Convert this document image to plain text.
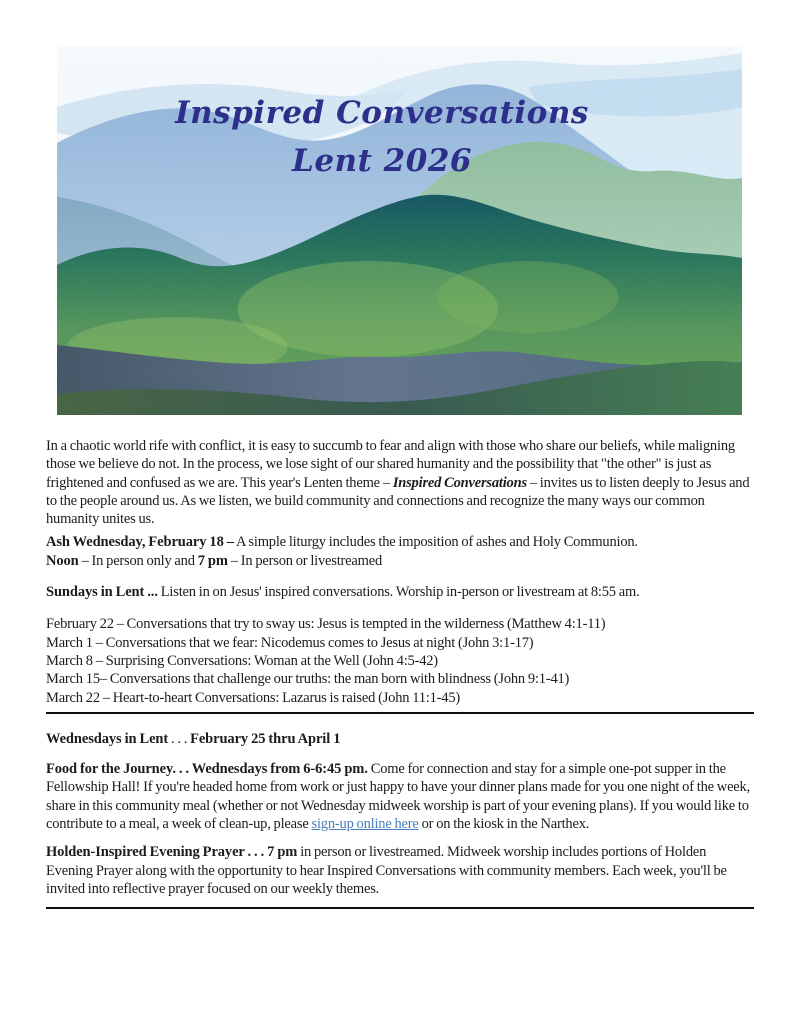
Inspired Conversations
Lent 2026

In a chaotic world rife with conflict, it is easy to succumb to fear and align with those who share our beliefs, while maligning those we believe do not. In the process, we lose sight of our shared humanity and the possibility that "the other" is just as frightened and confused as we are. This year's Lenten theme – Inspired Conversations – invites us to listen deeply to Jesus and to the people around us. As we listen, we build community and connections and recognize the many ways our common humanity unites us.

Ash Wednesday, February 18 – A simple liturgy includes the imposition of ashes and Holy Communion.
Noon – In person only and 7 pm – In person or livestreamed

Sundays in Lent ... Listen in on Jesus' inspired conversations. Worship in-person or livestream at 8:55 am.

February 22 – Conversations that try to sway us: Jesus is tempted in the wilderness (Matthew 4:1-11)
March 1 – Conversations that we fear: Nicodemus comes to Jesus at night (John 3:1-17)
March 8 – Surprising Conversations: Woman at the Well (John 4:5-42)
March 15– Conversations that challenge our truths: the man born with blindness (John 9:1-41)
March 22 – Heart-to-heart Conversations: Lazarus is raised (John 11:1-45)

Wednesdays in Lent . . . February 25 thru April 1

Food for the Journey. . . Wednesdays from 6-6:45 pm. Come for connection and stay for a simple one-pot supper in the Fellowship Hall! If you're headed home from work or just happy to have your dinner plans made for you one night of the week, share in this community meal (whether or not Wednesday midweek worship is part of your evening plans). If you would like to contribute to a meal, a week of clean-up, please sign-up online here or on the kiosk in the Narthex.

Holden-Inspired Evening Prayer . . . 7 pm in person or livestreamed. Midweek worship includes portions of Holden Evening Prayer along with the opportunity to hear Inspired Conversations with community members. Each week, you'll be invited into reflective prayer focused on our weekly themes.
